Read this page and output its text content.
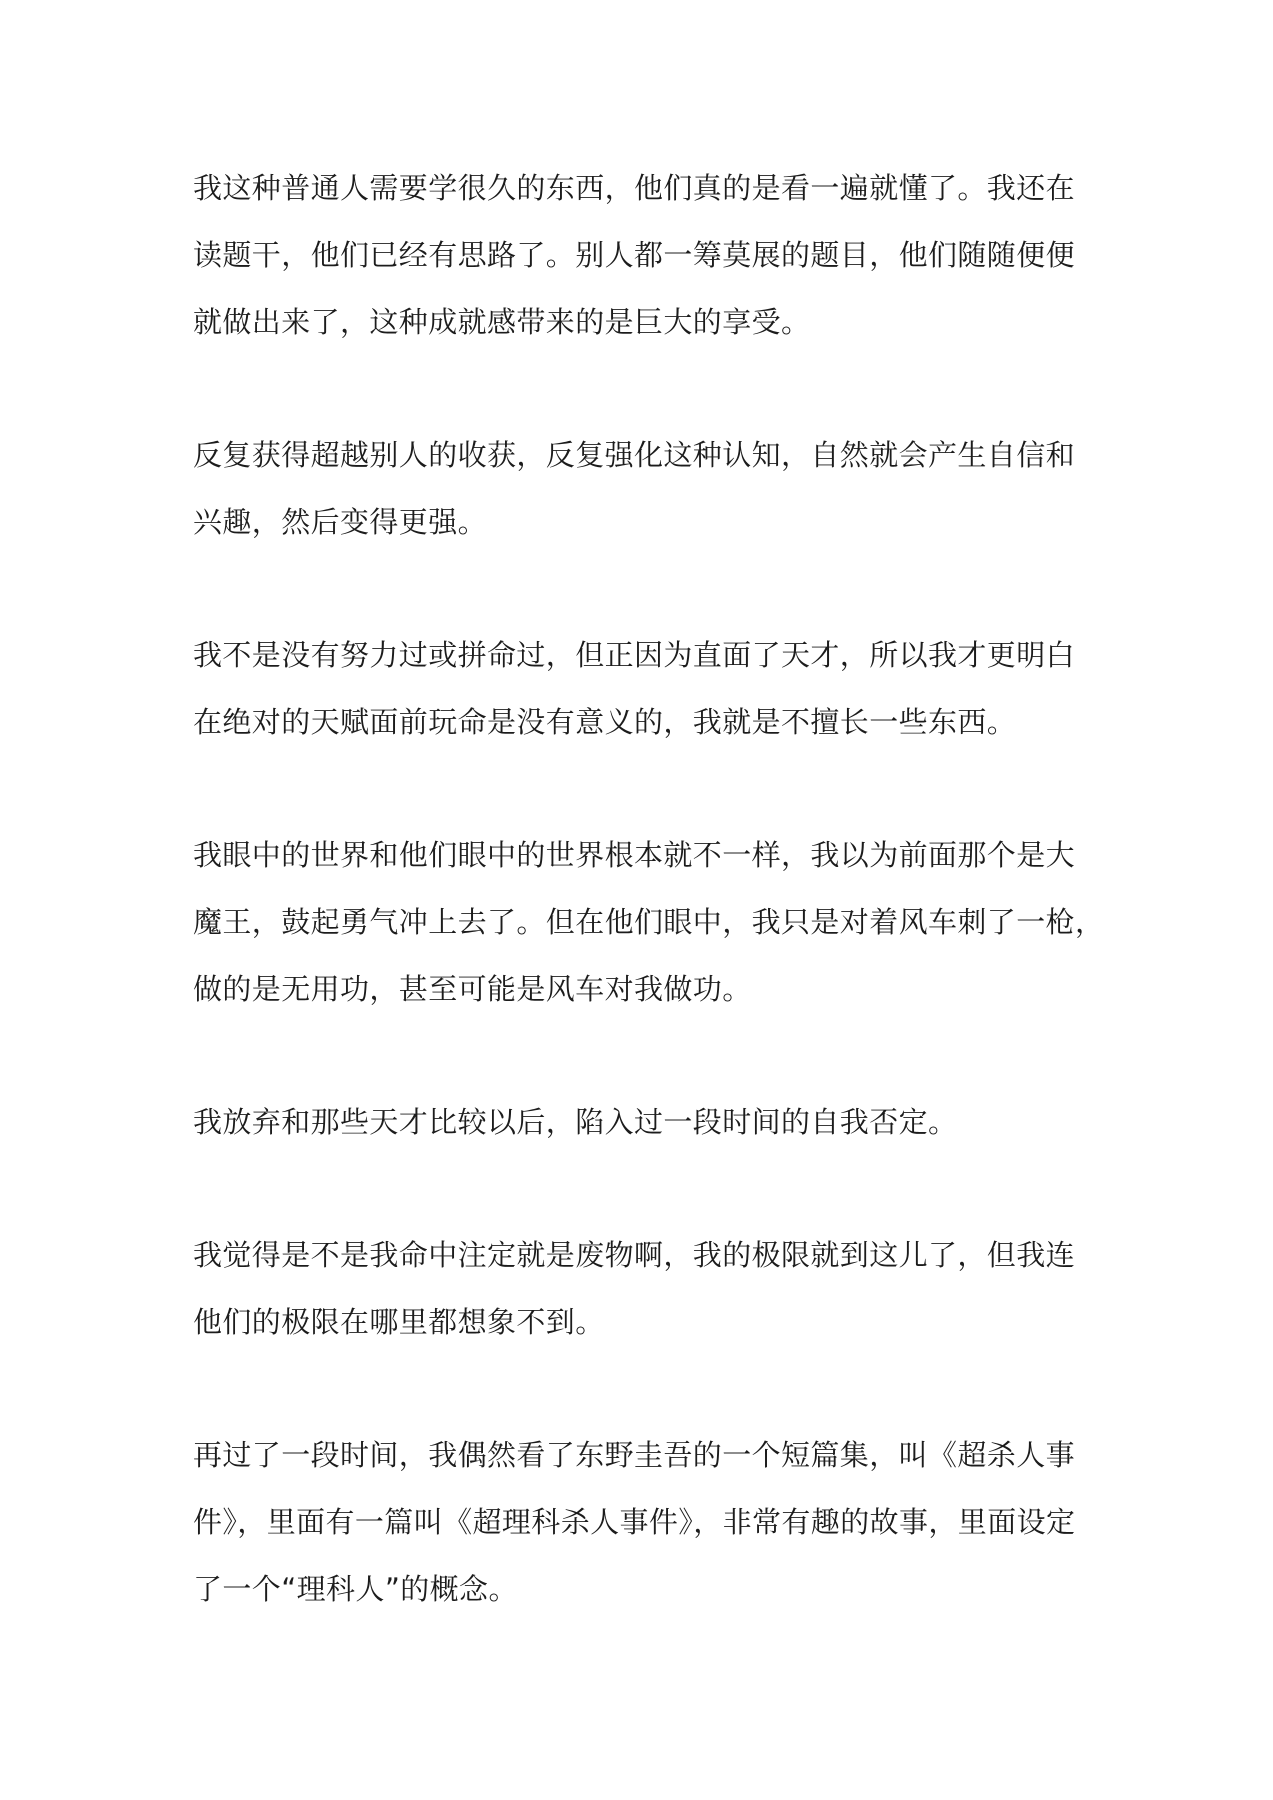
我这种普通人需要学很久的东西，他们真的是看一遍就懂了。我还在
读题干，他们已经有思路了。别人都一筹莫展的题目，他们随随便便
就做出来了，这种成就感带来的是巨大的享受。

反复获得超越别人的收获，反复强化这种认知，自然就会产生自信和
兴趣，然后变得更强。

我不是没有努力过或拼命过，但正因为直面了天才，所以我才更明白
在绝对的天赋面前玩命是没有意义的，我就是不擅长一些东西。

我眼中的世界和他们眼中的世界根本就不一样，我以为前面那个是大
魔王，鼓起勇气冲上去了。但在他们眼中，我只是对着风车刺了一枪，
做的是无用功，甚至可能是风车对我做功。

我放弃和那些天才比较以后，陷入过一段时间的自我否定。

我觉得是不是我命中注定就是废物啊，我的极限就到这儿了，但我连
他们的极限在哪里都想象不到。

再过了一段时间，我偶然看了东野圭吾的一个短篇集，叫《超杀人事
件》，里面有一篇叫《超理科杀人事件》，非常有趣的故事，里面设定
了一个“理科人”的概念。
